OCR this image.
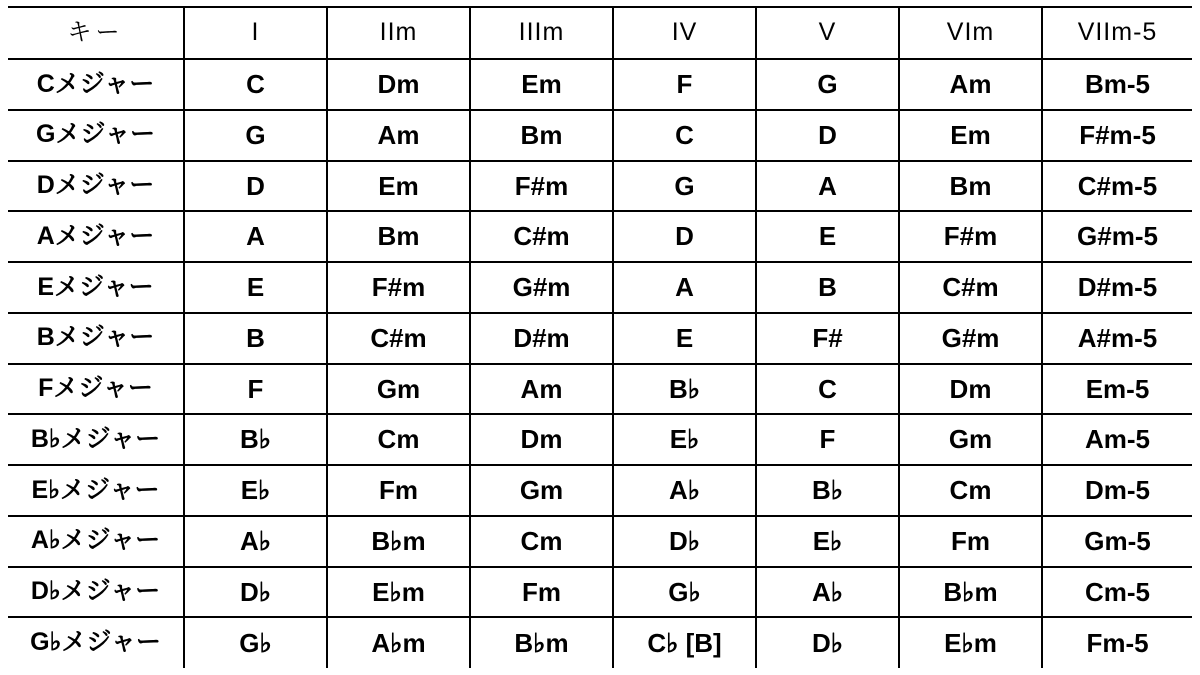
キー	I	IIm	IIIm	IV	V	VIm	VIIm-5
Cメジャー	C	Dm	Em	F	G	Am	Bm-5
Gメジャー	G	Am	Bm	C	D	Em	F#m-5
Dメジャー	D	Em	F#m	G	A	Bm	C#m-5
Aメジャー	A	Bm	C#m	D	E	F#m	G#m-5
Eメジャー	E	F#m	G#m	A	B	C#m	D#m-5
Bメジャー	B	C#m	D#m	E	F#	G#m	A#m-5
Fメジャー	F	Gm	Am	B♭	C	Dm	Em-5
B♭メジャー	B♭	Cm	Dm	E♭	F	Gm	Am-5
E♭メジャー	E♭	Fm	Gm	A♭	B♭	Cm	Dm-5
A♭メジャー	A♭	B♭m	Cm	D♭	E♭	Fm	Gm-5
D♭メジャー	D♭	E♭m	Fm	G♭	A♭	B♭m	Cm-5
G♭メジャー	G♭	A♭m	B♭m	C♭ [B]	D♭	E♭m	Fm-5
